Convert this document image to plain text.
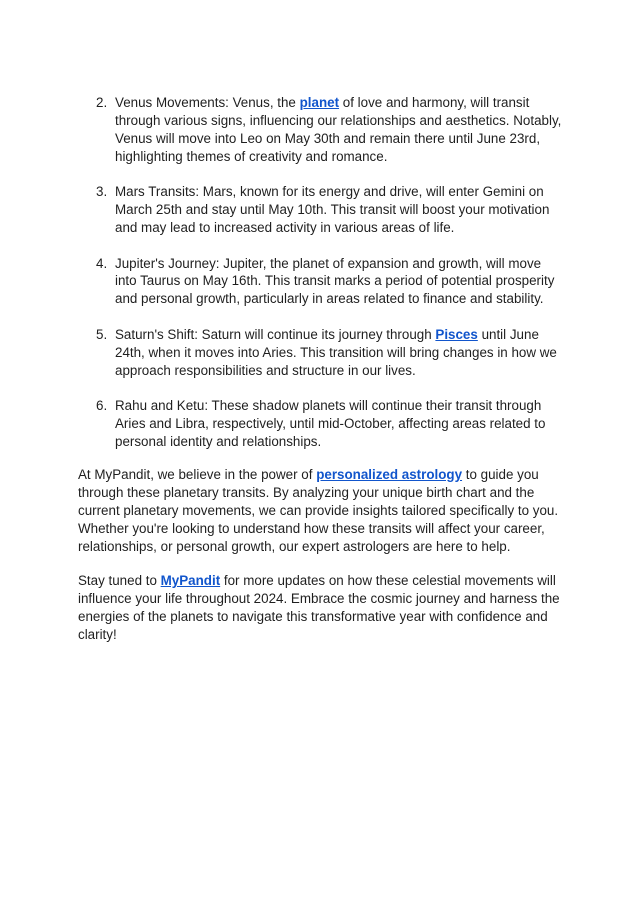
2. Venus Movements: Venus, the planet of love and harmony, will transit through various signs, influencing our relationships and aesthetics. Notably, Venus will move into Leo on May 30th and remain there until June 23rd, highlighting themes of creativity and romance.
3. Mars Transits: Mars, known for its energy and drive, will enter Gemini on March 25th and stay until May 10th. This transit will boost your motivation and may lead to increased activity in various areas of life.
4. Jupiter's Journey: Jupiter, the planet of expansion and growth, will move into Taurus on May 16th. This transit marks a period of potential prosperity and personal growth, particularly in areas related to finance and stability.
5. Saturn's Shift: Saturn will continue its journey through Pisces until June 24th, when it moves into Aries. This transition will bring changes in how we approach responsibilities and structure in our lives.
6. Rahu and Ketu: These shadow planets will continue their transit through Aries and Libra, respectively, until mid-October, affecting areas related to personal identity and relationships.

At MyPandit, we believe in the power of personalized astrology to guide you through these planetary transits. By analyzing your unique birth chart and the current planetary movements, we can provide insights tailored specifically to you. Whether you're looking to understand how these transits will affect your career, relationships, or personal growth, our expert astrologers are here to help.

Stay tuned to MyPandit for more updates on how these celestial movements will influence your life throughout 2024. Embrace the cosmic journey and harness the energies of the planets to navigate this transformative year with confidence and clarity!
